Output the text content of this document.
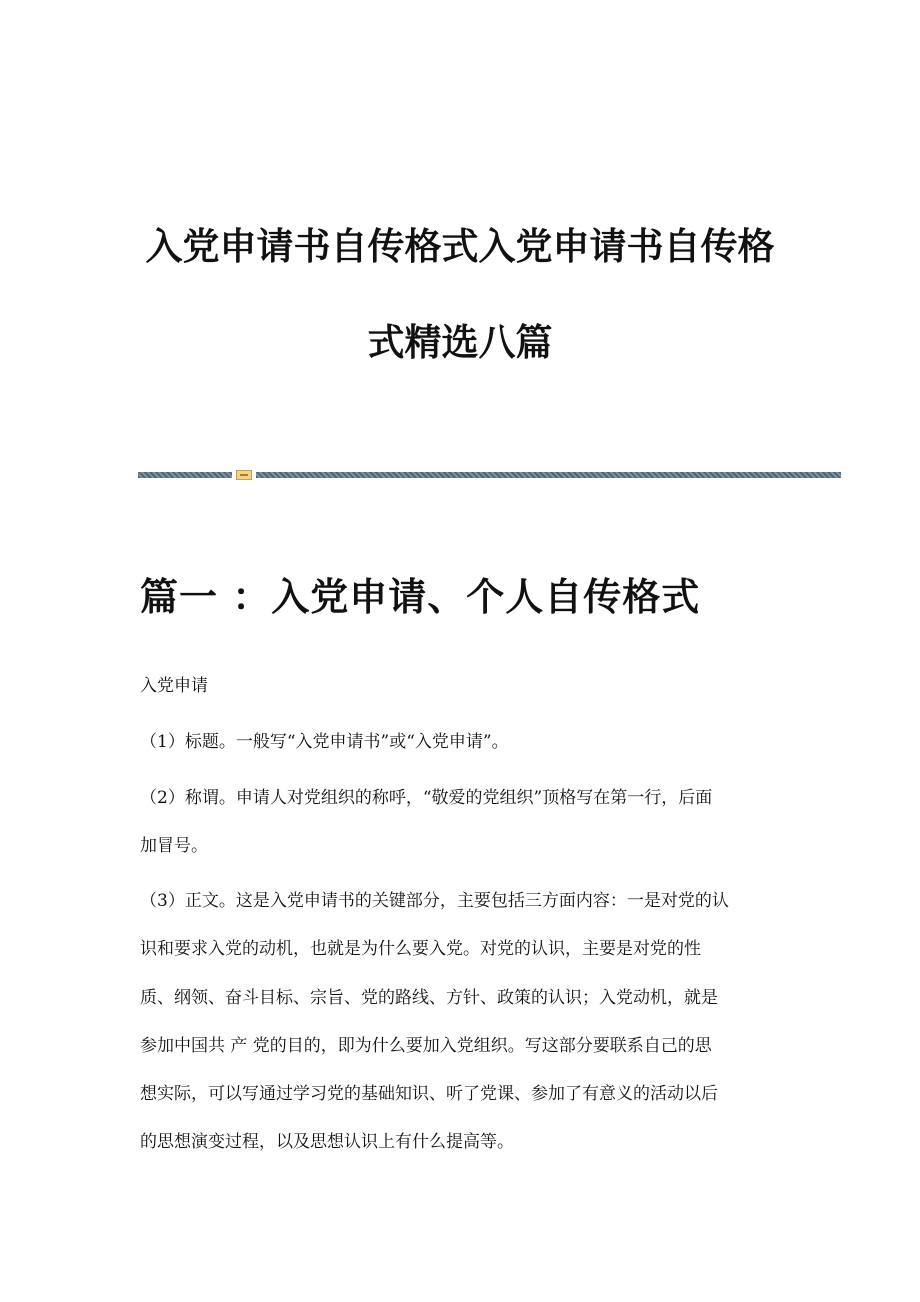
入党申请书自传格式入党申请书自传格
式精选八篇
篇一 ：入党申请、个人自传格式
入党申请
（1）标题。一般写“入党申请书”或“入党申请”。
（2）称谓。申请人对党组织的称呼，“敬爱的党组织”顶格写在第一行，后面
加冒号。
（3）正文。这是入党申请书的关键部分，主要包括三方面内容：一是对党的认
识和要求入党的动机，也就是为什么要入党。对党的认识，主要是对党的性
质、纲领、奋斗目标、宗旨、党的路线、方针、政策的认识；入党动机，就是
参加中国共 产 党的目的，即为什么要加入党组织。写这部分要联系自己的思
想实际，可以写通过学习党的基础知识、听了党课、参加了有意义的活动以后
的思想演变过程，以及思想认识上有什么提高等。
